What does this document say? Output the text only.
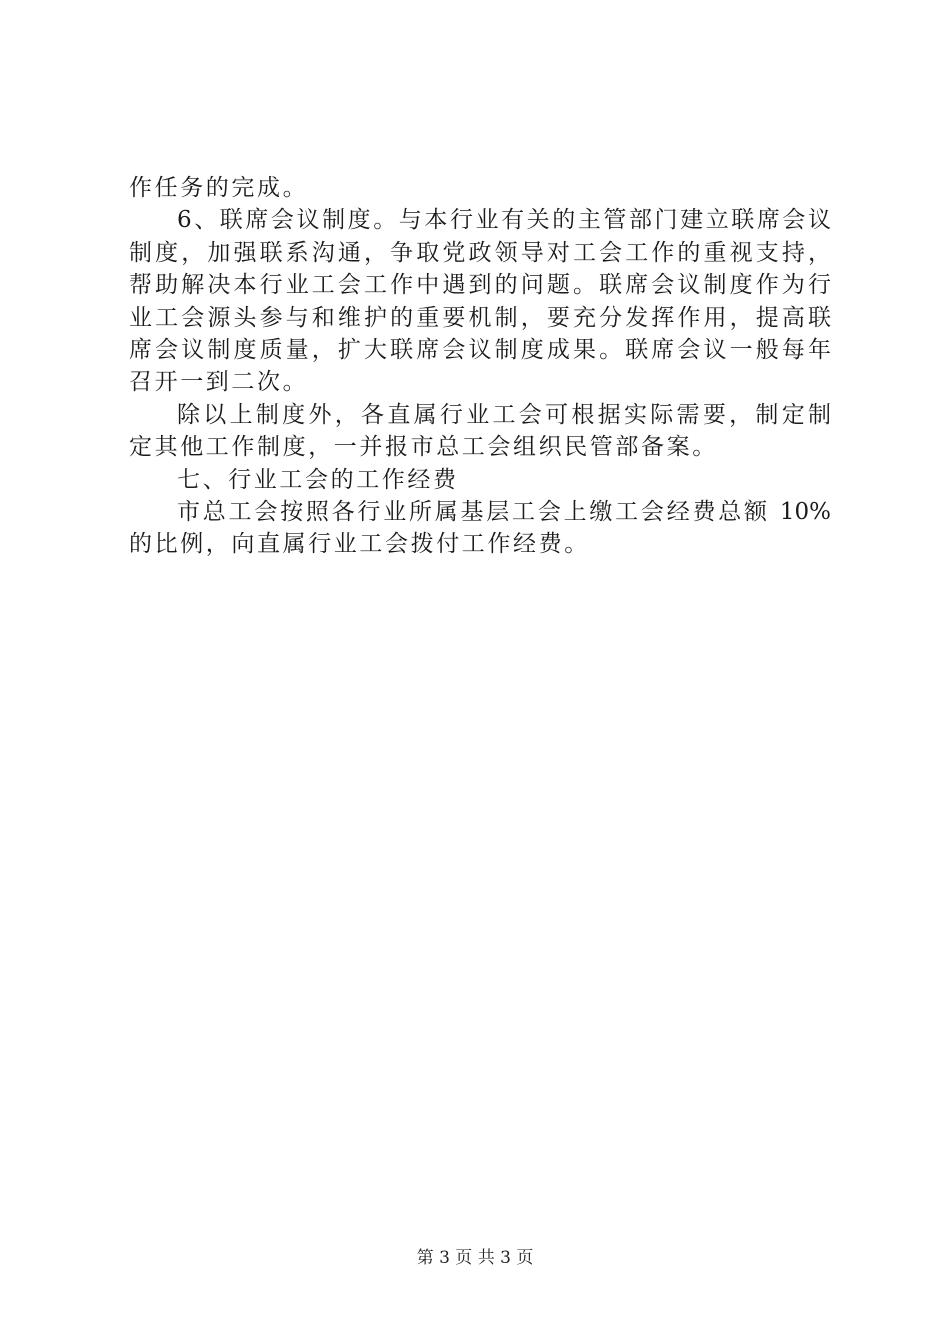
作任务的完成。
6、联席会议制度。与本行业有关的主管部门建立联席会议
制度，加强联系沟通，争取党政领导对工会工作的重视支持，
帮助解决本行业工会工作中遇到的问题。联席会议制度作为行
业工会源头参与和维护的重要机制，要充分发挥作用，提高联
席会议制度质量，扩大联席会议制度成果。联席会议一般每年
召开一到二次。
除以上制度外，各直属行业工会可根据实际需要，制定制
定其他工作制度，一并报市总工会组织民管部备案。
七、行业工会的工作经费
市总工会按照各行业所属基层工会上缴工会经费总额 10%
的比例，向直属行业工会拨付工作经费。
第 3 页 共 3 页
